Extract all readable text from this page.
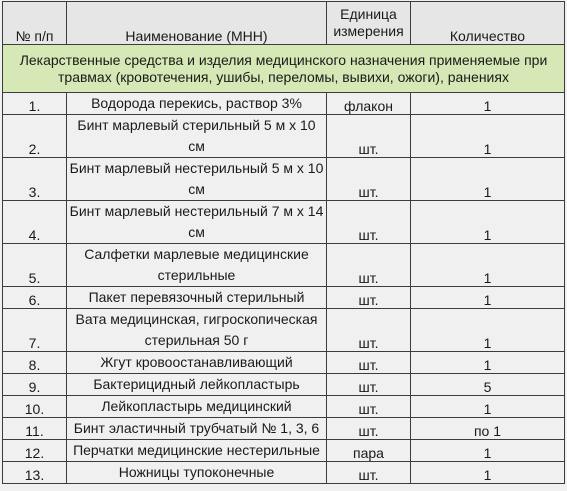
№ п/п	Наименование (МНН)	Единица измерения	Количество
Лекарственные средства и изделия медицинского назначения применяемые при травмах (кровотечения, ушибы, переломы, вывихи, ожоги), ранениях			
1.	Водорода перекись, раствор 3%	флакон	1
2.	Бинт марлевый стерильный 5 м х 10 см	шт.	1
3.	Бинт марлевый нестерильный 5 м х 10 см	шт.	1
4.	Бинт марлевый нестерильный 7 м х 14 см	шт.	1
5.	Салфетки марлевые медицинские стерильные	шт.	1
6.	Пакет перевязочный стерильный	шт.	1
7.	Вата медицинская, гигроскопическая стерильная 50 г	шт.	1
8.	Жгут кровоостанавливающий	шт.	1
9.	Бактерицидный лейкопластырь	шт.	5
10.	Лейкопластырь медицинский	шт.	1
11.	Бинт эластичный трубчатый № 1, 3, 6	шт.	по 1
12.	Перчатки медицинские нестерильные	пара	1
13.	Ножницы тупоконечные	шт.	1
